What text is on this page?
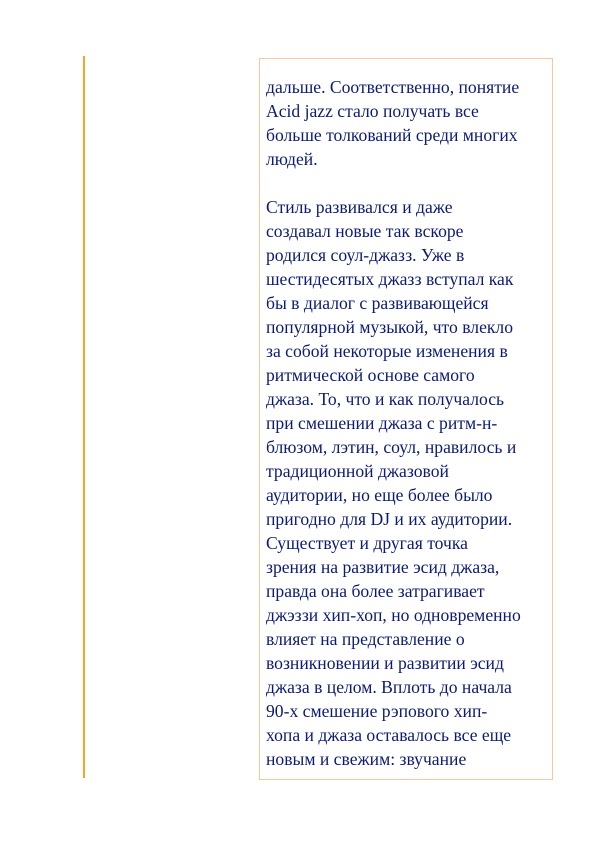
дальше. Соответственно, понятие
Acid jazz стало получать все
больше толкований среди многих
людей.

Стиль развивался и даже
создавал новые так вскоре
родился соул-джазз. Уже в
шестидесятых джазз вступал как
бы в диалог с развивающейся
популярной музыкой, что влекло
за собой некоторые изменения в
ритмической основе самого
джаза. То, что и как получалось
при смешении джаза с ритм-н-
блюзом, лэтин, соул, нравилось и
традиционной джазовой
аудитории, но еще более было
пригодно для DJ и их аудитории.
Существует и другая точка
зрения на развитие эсид джаза,
правда она более затрагивает
джэззи хип-хоп, но одновременно
влияет на представление о
возникновении и развитии эсид
джаза в целом. Вплоть до начала
90-х смешение рэпового хип-
хопа и джаза оставалось все еще
новым и свежим: звучание
